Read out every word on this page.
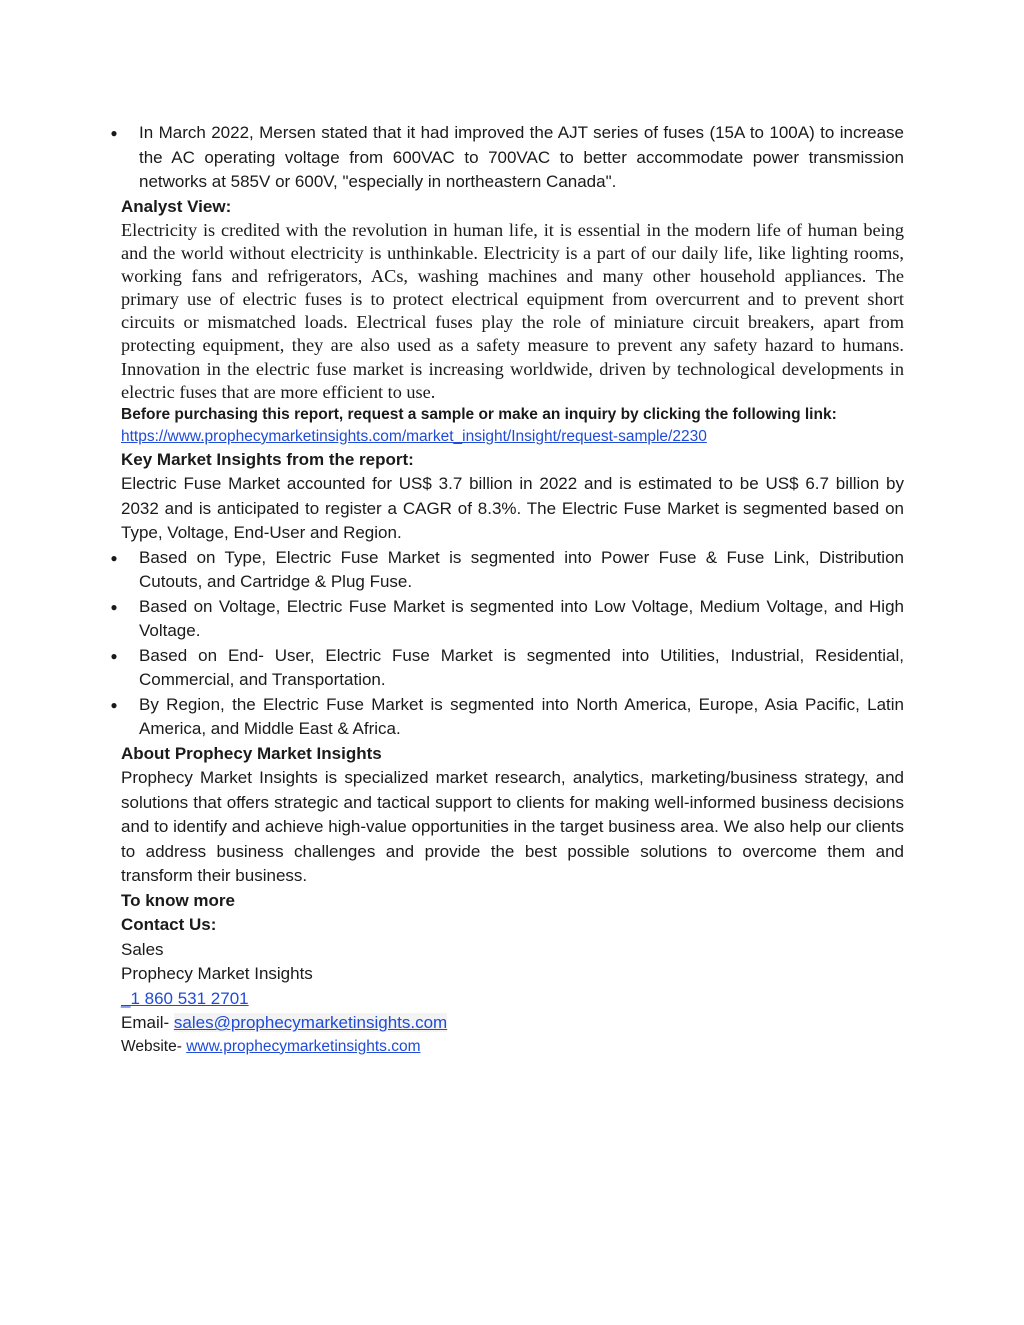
● In March 2022, Mersen stated that it had improved the AJT series of fuses (15A to 100A) to increase the AC operating voltage from 600VAC to 700VAC to better accommodate power transmission networks at 585V or 600V, "especially in northeastern Canada".

Analyst View:

Electricity is credited with the revolution in human life, it is essential in the modern life of human being and the world without electricity is unthinkable. Electricity is a part of our daily life, like lighting rooms, working fans and refrigerators, ACs, washing machines and many other household appliances. The primary use of electric fuses is to protect electrical equipment from overcurrent and to prevent short circuits or mismatched loads. Electrical fuses play the role of miniature circuit breakers, apart from protecting equipment, they are also used as a safety measure to prevent any safety hazard to humans. Innovation in the electric fuse market is increasing worldwide, driven by technological developments in electric fuses that are more efficient to use.

Before purchasing this report, request a sample or make an inquiry by clicking the following link:

https://www.prophecymarketinsights.com/market_insight/Insight/request-sample/2230

Key Market Insights from the report:

Electric Fuse Market accounted for US$ 3.7 billion in 2022 and is estimated to be US$ 6.7 billion by 2032 and is anticipated to register a CAGR of 8.3%. The Electric Fuse Market is segmented based on Type, Voltage, End-User and Region.

● Based on Type, Electric Fuse Market is segmented into Power Fuse & Fuse Link, Distribution Cutouts, and Cartridge & Plug Fuse.
● Based on Voltage, Electric Fuse Market is segmented into Low Voltage, Medium Voltage, and High Voltage.
● Based on End- User, Electric Fuse Market is segmented into Utilities, Industrial, Residential, Commercial, and Transportation.
● By Region, the Electric Fuse Market is segmented into North America, Europe, Asia Pacific, Latin America, and Middle East & Africa.

About Prophecy Market Insights

Prophecy Market Insights is specialized market research, analytics, marketing/business strategy, and solutions that offers strategic and tactical support to clients for making well-informed business decisions and to identify and achieve high-value opportunities in the target business area. We also help our clients to address business challenges and provide the best possible solutions to overcome them and transform their business.

To know more

Contact Us:

Sales

Prophecy Market Insights

_1 860 531 2701

Email- sales@prophecymarketinsights.com

Website- www.prophecymarketinsights.com
